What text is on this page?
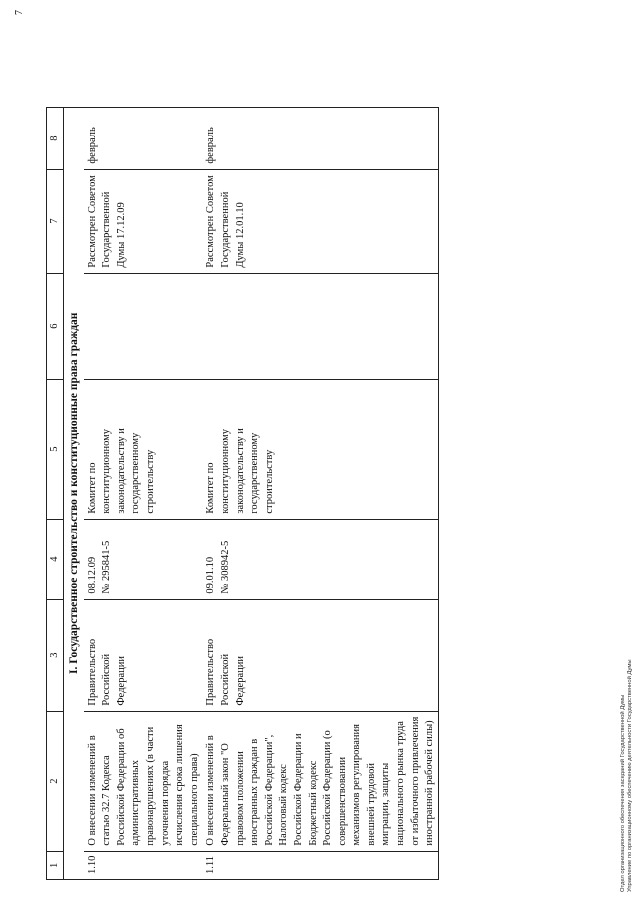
1	2	3	4	5	6	7	8
I. Государственное строительство и конституционные права граждан							
1.10	О внесении изменений в статью 32.7 Кодекса Российской Федерации об административных правонарушениях (в части уточнения порядка исчисления срока лишения специального права)	Правительство Российской Федерации	08.12.09 № 295841-5	Комитет по конституционному законодательству и государственному строительству		Рассмотрен Советом Государственной Думы 17.12.09	февраль
1.11	О внесении изменений в Федеральный закон "О правовом положении иностранных граждан в Российской Федерации", Налоговый кодекс Российской Федерации и Бюджетный кодекс Российской Федерации (о совершенствовании механизмов регулирования внешней трудовой миграции, защиты национального рынка труда от избыточного привлечения иностранной рабочей силы)	Правительство Российской Федерации	09.01.10 № 308942-5	Комитет по конституционному законодательству и государственному строительству		Рассмотрен Советом Государственной Думы 12.01.10	февраль
Отдел организационного обеспечения заседаний Государственной Думы Управление по организационному обеспечению деятельности Государственной Думы
7
